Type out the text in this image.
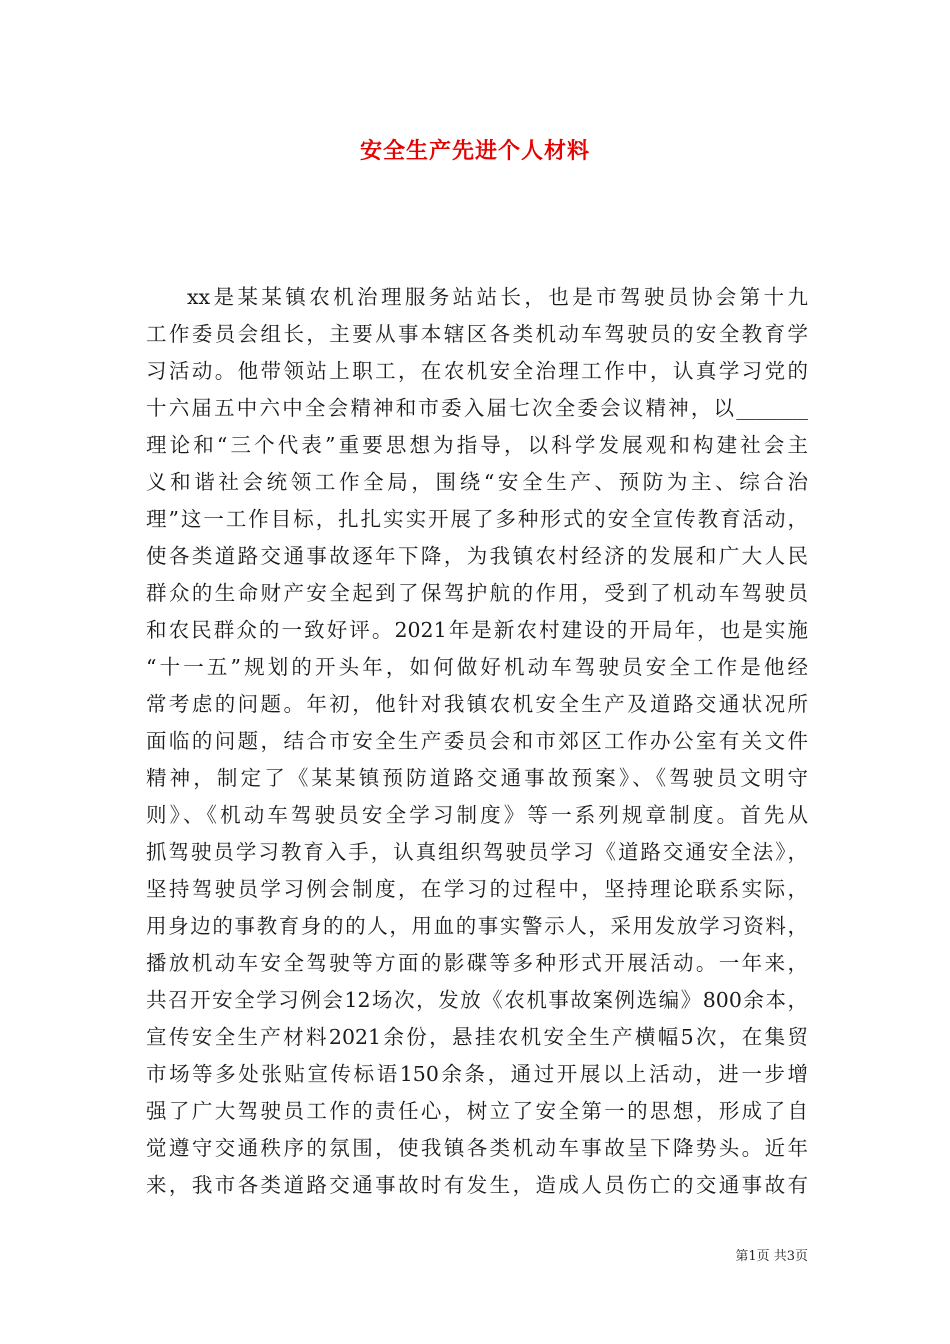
安全生产先进个人材料
xx是某某镇农机治理服务站站长，也是市驾驶员协会第十九
工作委员会组长，主要从事本辖区各类机动车驾驶员的安全教育学
习活动。他带领站上职工，在农机安全治理工作中，认真学习党的
十六届五中六中全会精神和市委入届七次全委会议精神，以_______
理论和“三个代表”重要思想为指导，以科学发展观和构建社会主
义和谐社会统领工作全局，围绕“安全生产、预防为主、综合治
理”这一工作目标，扎扎实实开展了多种形式的安全宣传教育活动，
使各类道路交通事故逐年下降，为我镇农村经济的发展和广大人民
群众的生命财产安全起到了保驾护航的作用，受到了机动车驾驶员
和农民群众的一致好评。2021年是新农村建设的开局年，也是实施
“十一五”规划的开头年，如何做好机动车驾驶员安全工作是他经
常考虑的问题。年初，他针对我镇农机安全生产及道路交通状况所
面临的问题，结合市安全生产委员会和市郊区工作办公室有关文件
精神，制定了《某某镇预防道路交通事故预案》、《驾驶员文明守
则》、《机动车驾驶员安全学习制度》等一系列规章制度。首先从
抓驾驶员学习教育入手，认真组织驾驶员学习《道路交通安全法》，
坚持驾驶员学习例会制度，在学习的过程中，坚持理论联系实际，
用身边的事教育身的的人，用血的事实警示人，采用发放学习资料，
播放机动车安全驾驶等方面的影碟等多种形式开展活动。一年来，
共召开安全学习例会12场次，发放《农机事故案例选编》800余本，
宣传安全生产材料2021余份，悬挂农机安全生产横幅5次，在集贸
市场等多处张贴宣传标语150余条，通过开展以上活动，进一步增
强了广大驾驶员工作的责任心，树立了安全第一的思想，形成了自
觉遵守交通秩序的氛围，使我镇各类机动车事故呈下降势头。近年
来，我市各类道路交通事故时有发生，造成人员伤亡的交通事故有
第1页 共3页
